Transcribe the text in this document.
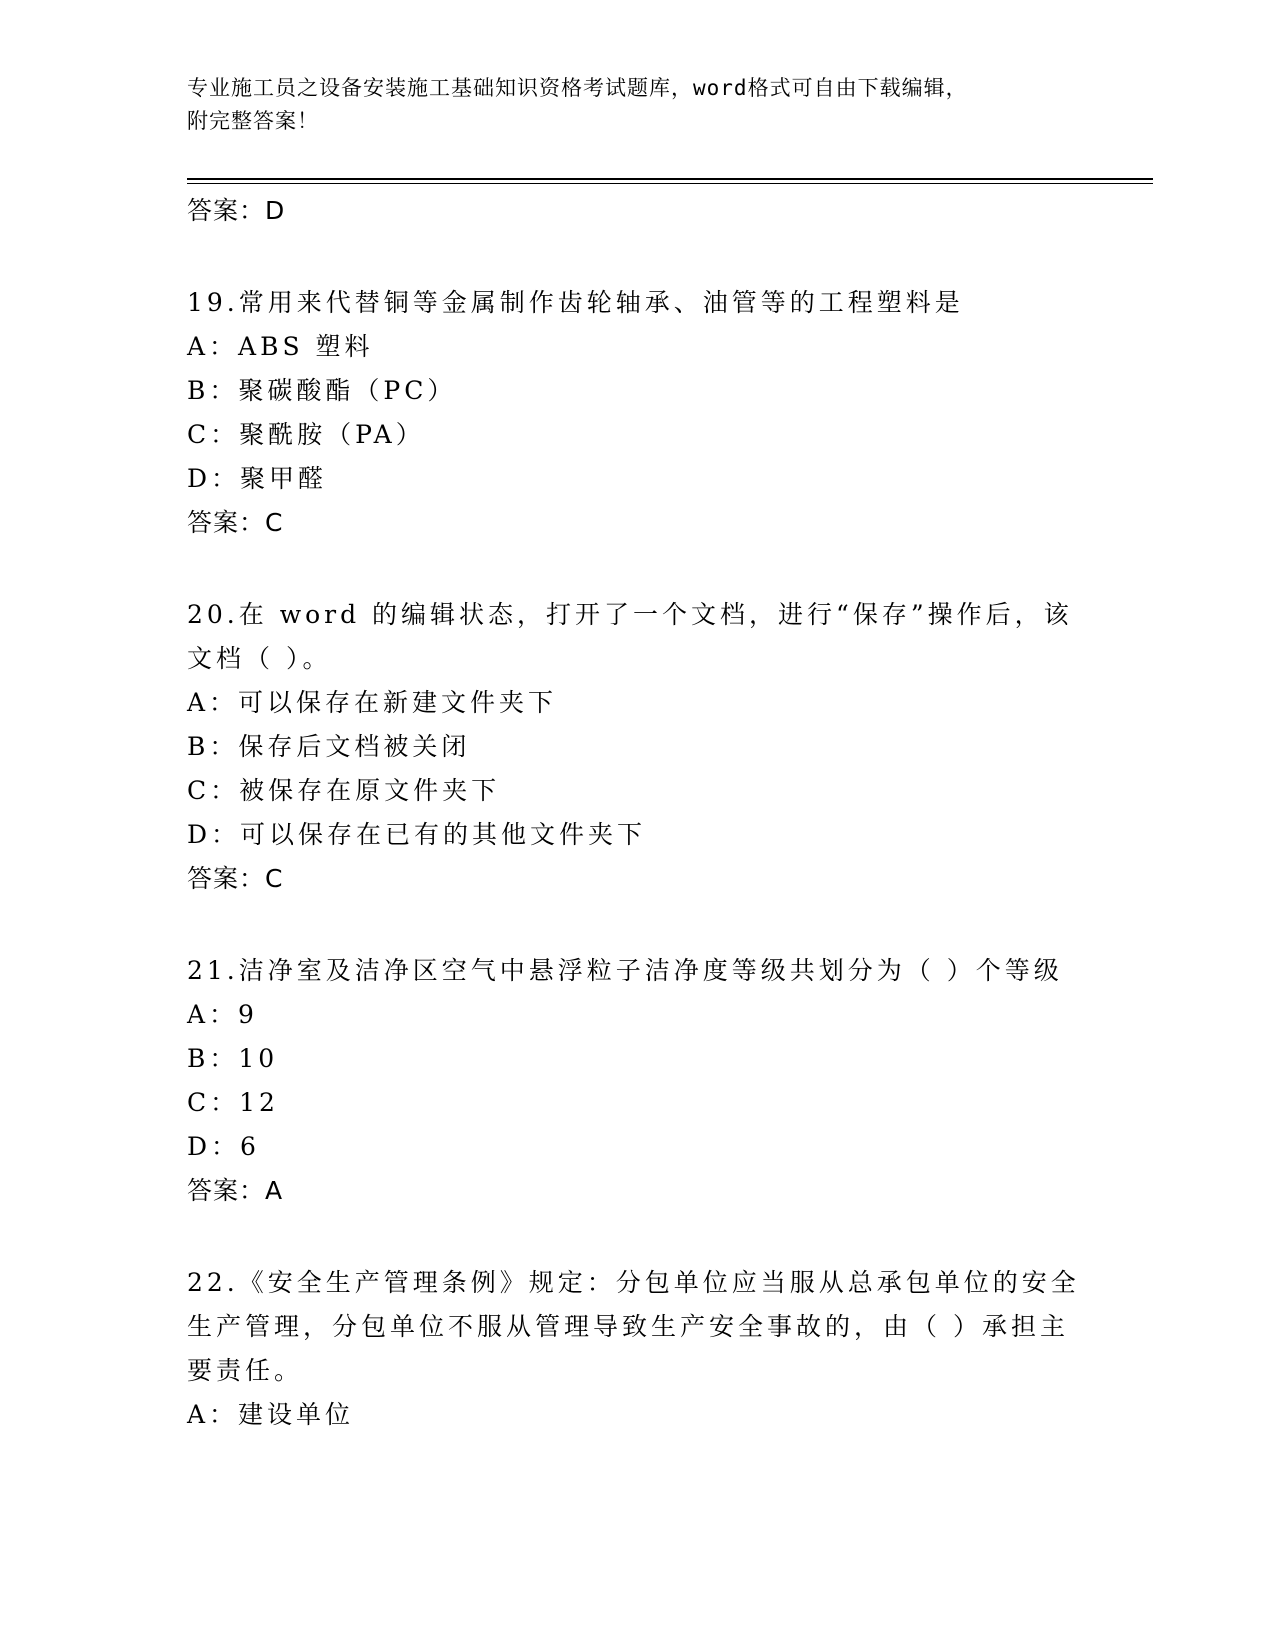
专业施工员之设备安装施工基础知识资格考试题库，word格式可自由下载编辑，
附完整答案！
答案：D
19.常用来代替铜等金属制作齿轮轴承、油管等的工程塑料是
A：ABS 塑料
B：聚碳酸酯（PC）
C：聚酰胺（PA）
D：聚甲醛
答案：C
20.在 word 的编辑状态，打开了一个文档，进行“保存”操作后，该
文档（ ）。
A：可以保存在新建文件夹下
B：保存后文档被关闭
C：被保存在原文件夹下
D：可以保存在已有的其他文件夹下
答案：C
21.洁净室及洁净区空气中悬浮粒子洁净度等级共划分为（ ）个等级
A：9
B：10
C：12
D：6
答案：A
22.《安全生产管理条例》规定：分包单位应当服从总承包单位的安全
生产管理，分包单位不服从管理导致生产安全事故的，由（ ）承担主
要责任。
A：建设单位
